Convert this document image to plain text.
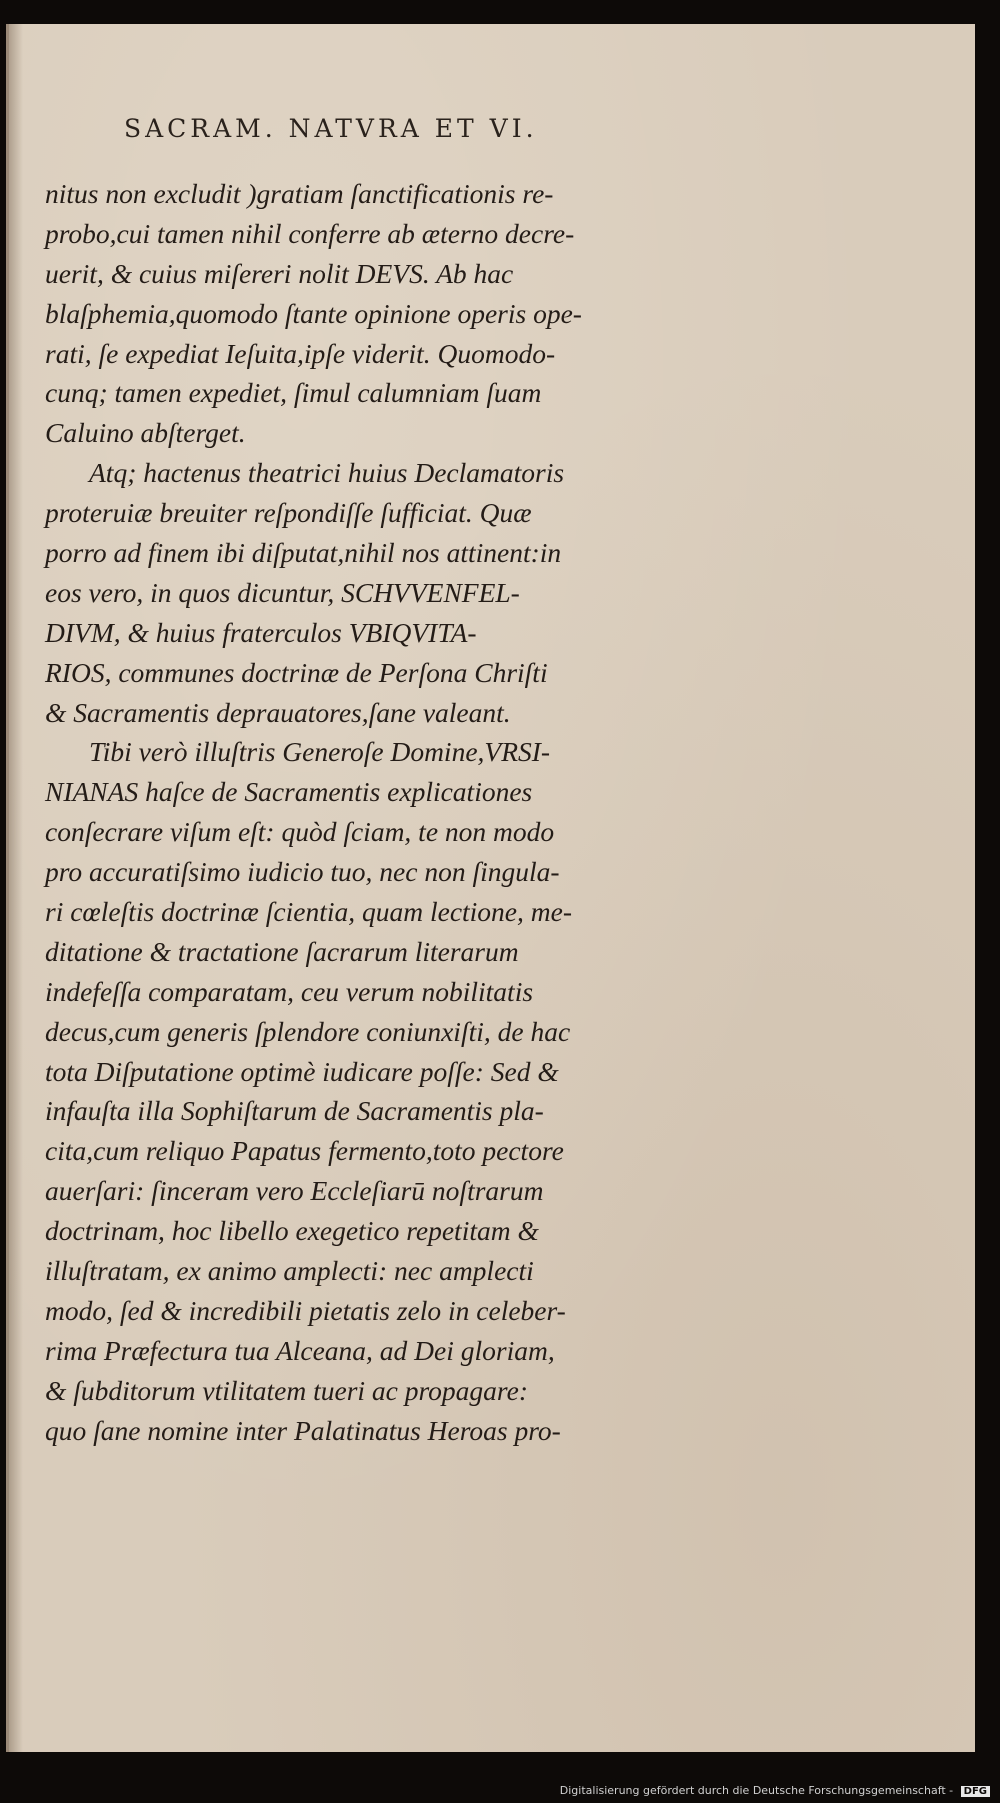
SACRAM. NATVRA ET VI.
nitus non excludit )gratiam ſanctificationis re-
probo,cui tamen nihil conferre ab æterno decre-
uerit, & cuius miſereri nolit DEVS. Ab hac
blaſphemia,quomodo ſtante opinione operis ope-
rati, ſe expediat Ieſuita,ipſe viderit. Quomodo-
cunq; tamen expediet, ſimul calumniam ſuam
Caluino abſterget.
Atq; hactenus theatrici huius Declamatoris
proteruiæ breuiter reſpondiſſe ſufficiat. Quæ
porro ad finem ibi diſputat,nihil nos attinent:in
eos vero, in quos dicuntur, SCHVVENFEL-
DIVM, & huius fraterculos VBIQVITA-
RIOS, communes doctrinæ de Perſona Chriſti
& Sacramentis deprauatores,ſane valeant.
Tibi verò illuſtris Generoſe Domine,VRSI-
NIANAS haſce de Sacramentis explicationes
conſecrare viſum eſt: quòd ſciam, te non modo
pro accuratiſsimo iudicio tuo, nec non ſingula-
ri cœleſtis doctrinæ ſcientia, quam lectione, me-
ditatione & tractatione ſacrarum literarum
indefeſſa comparatam, ceu verum nobilitatis
decus,cum generis ſplendore coniunxiſti, de hac
tota Diſputatione optimè iudicare poſſe: Sed &
infauſta illa Sophiſtarum de Sacramentis pla-
cita,cum reliquo Papatus fermento,toto pectore
auerſari: ſinceram vero Eccleſiarū noſtrarum
doctrinam, hoc libello exegetico repetitam &
illuſtratam, ex animo amplecti: nec amplecti
modo, ſed & incredibili pietatis zelo in celeber-
rima Præfectura tua Alceana, ad Dei gloriam,
& ſubditorum vtilitatem tueri ac propagare:
quo ſane nomine inter Palatinatus Heroas pro-
Digitalisierung gefördert durch die Deutsche Forschungsgemeinschaft - DFG
